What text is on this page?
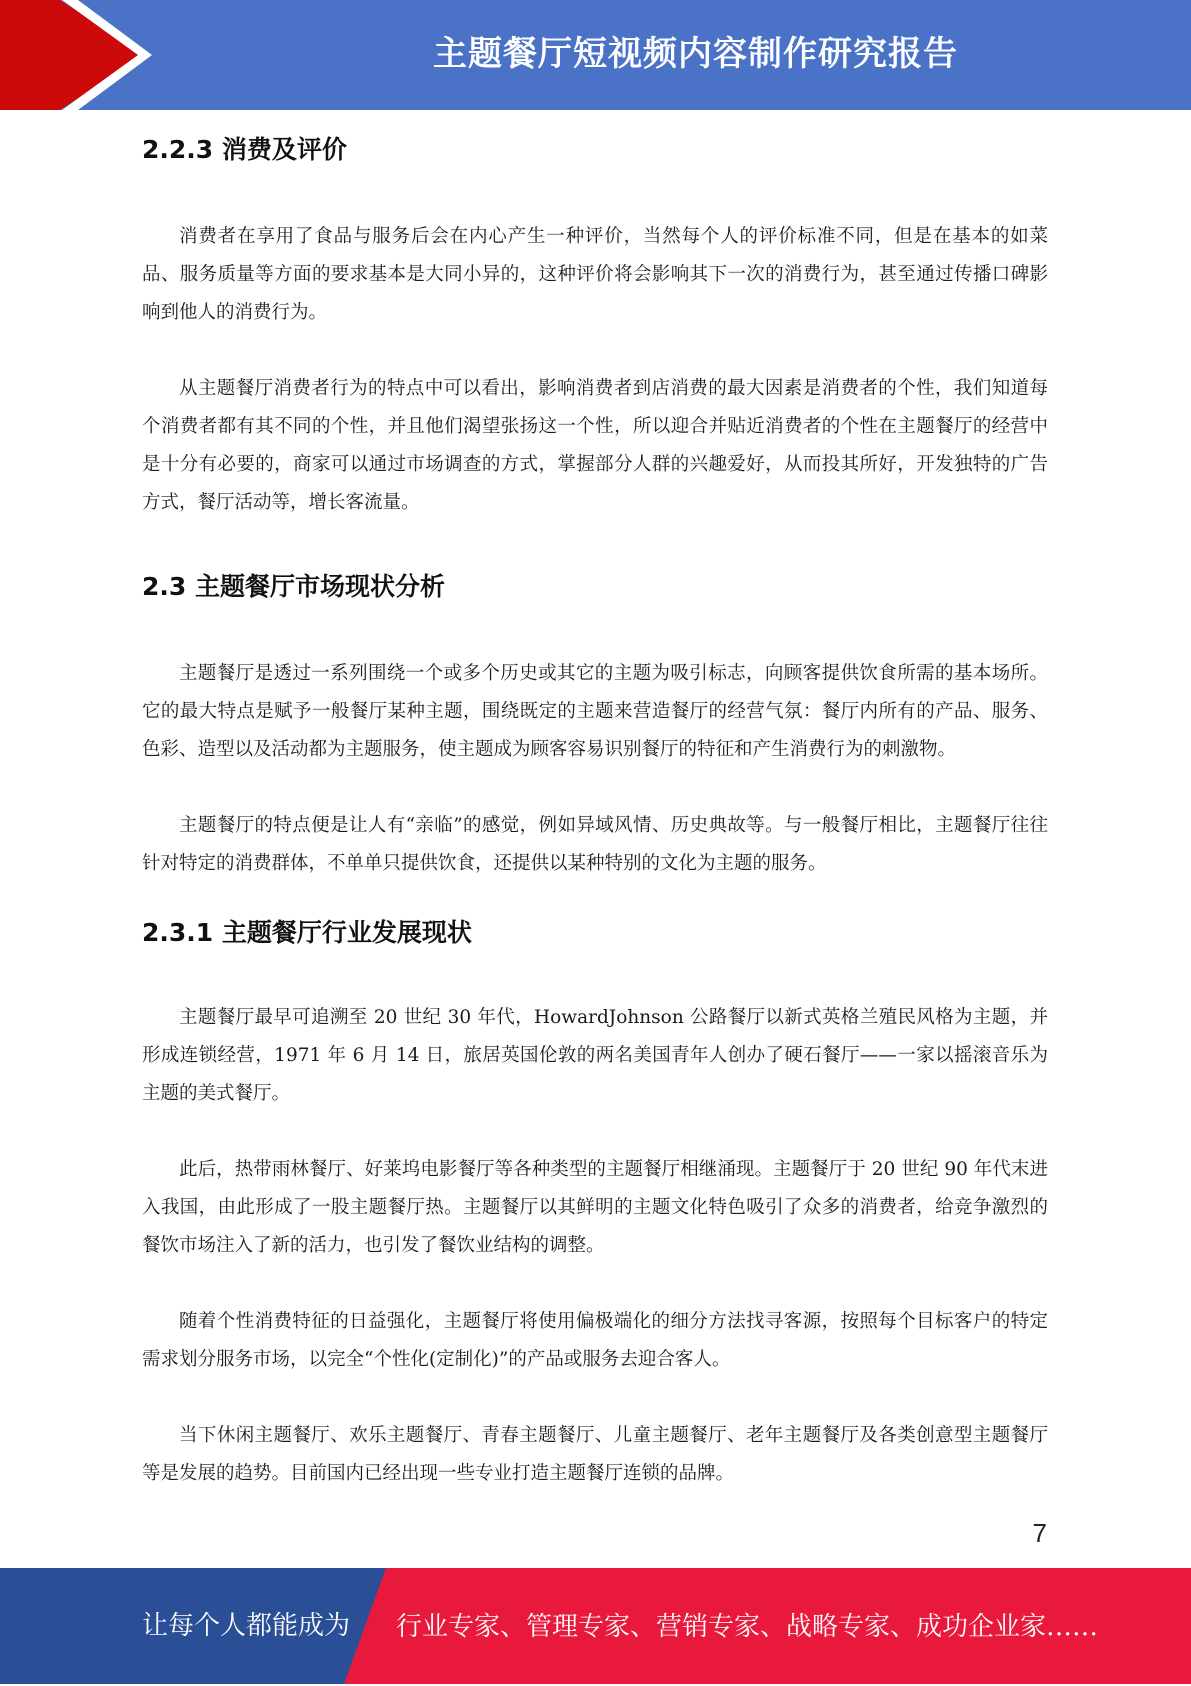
主题餐厅短视频内容制作研究报告
2.2.3 消费及评价

消费者在享用了食品与服务后会在内心产生一种评价，当然每个人的评价标准不同，但是在基本的如菜品、服务质量等方面的要求基本是大同小异的，这种评价将会影响其下一次的消费行为，甚至通过传播口碑影响到他人的消费行为。

从主题餐厅消费者行为的特点中可以看出，影响消费者到店消费的最大因素是消费者的个性，我们知道每个消费者都有其不同的个性，并且他们渴望张扬这一个性，所以迎合并贴近消费者的个性在主题餐厅的经营中是十分有必要的，商家可以通过市场调查的方式，掌握部分人群的兴趣爱好，从而投其所好，开发独特的广告方式，餐厅活动等，增长客流量。

2.3 主题餐厅市场现状分析

主题餐厅是透过一系列围绕一个或多个历史或其它的主题为吸引标志，向顾客提供饮食所需的基本场所。它的最大特点是赋予一般餐厅某种主题，围绕既定的主题来营造餐厅的经营气氛：餐厅内所有的产品、服务、色彩、造型以及活动都为主题服务，使主题成为顾客容易识别餐厅的特征和产生消费行为的刺激物。

主题餐厅的特点便是让人有“亲临”的感觉，例如异域风情、历史典故等。与一般餐厅相比，主题餐厅往往针对特定的消费群体，不单单只提供饮食，还提供以某种特别的文化为主题的服务。

2.3.1 主题餐厅行业发展现状

主题餐厅最早可追溯至 20 世纪 30 年代，HowardJohnson 公路餐厅以新式英格兰殖民风格为主题，并形成连锁经营，1971 年 6 月 14 日，旅居英国伦敦的两名美国青年人创办了硬石餐厅——一家以摇滚音乐为主题的美式餐厅。

此后，热带雨林餐厅、好莱坞电影餐厅等各种类型的主题餐厅相继涌现。主题餐厅于 20 世纪 90 年代末进入我国，由此形成了一股主题餐厅热。主题餐厅以其鲜明的主题文化特色吸引了众多的消费者，给竞争激烈的餐饮市场注入了新的活力，也引发了餐饮业结构的调整。

随着个性消费特征的日益强化，主题餐厅将使用偏极端化的细分方法找寻客源，按照每个目标客户的特定需求划分服务市场，以完全“个性化(定制化)”的产品或服务去迎合客人。

当下休闲主题餐厅、欢乐主题餐厅、青春主题餐厅、儿童主题餐厅、老年主题餐厅及各类创意型主题餐厅等是发展的趋势。目前国内已经出现一些专业打造主题餐厅连锁的品牌。

7
让每个人都能成为 行业专家、管理专家、营销专家、战略专家、成功企业家……
